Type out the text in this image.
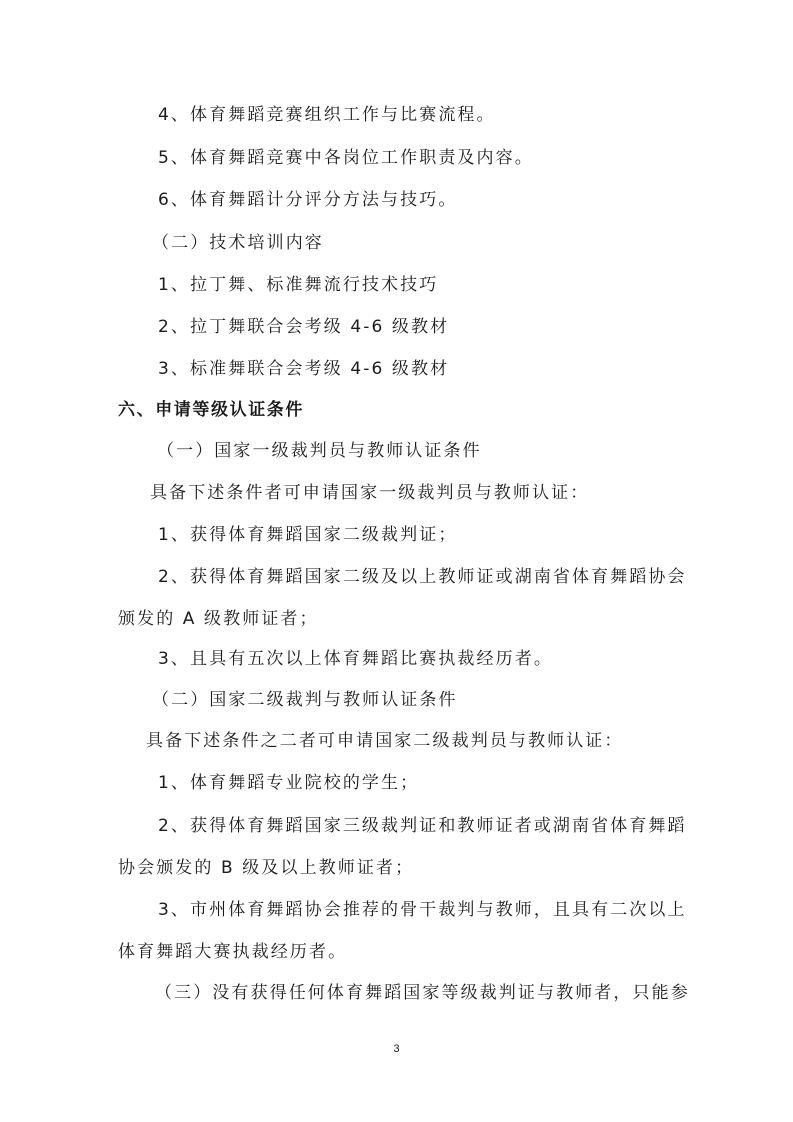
4、体育舞蹈竞赛组织工作与比赛流程。
5、体育舞蹈竞赛中各岗位工作职责及内容。
6、体育舞蹈计分评分方法与技巧。
（二）技术培训内容
1、拉丁舞、标准舞流行技术技巧
2、拉丁舞联合会考级 4-6 级教材
3、标准舞联合会考级 4-6 级教材
六、申请等级认证条件
（一）国家一级裁判员与教师认证条件
具备下述条件者可申请国家一级裁判员与教师认证：
1、获得体育舞蹈国家二级裁判证；
2、获得体育舞蹈国家二级及以上教师证或湖南省体育舞蹈协会
颁发的 A 级教师证者；
3、且具有五次以上体育舞蹈比赛执裁经历者。
（二）国家二级裁判与教师认证条件
具备下述条件之二者可申请国家二级裁判员与教师认证：
1、体育舞蹈专业院校的学生；
2、获得体育舞蹈国家三级裁判证和教师证者或湖南省体育舞蹈
协会颁发的 B 级及以上教师证者；
3、市州体育舞蹈协会推荐的骨干裁判与教师，且具有二次以上
体育舞蹈大赛执裁经历者。
（三）没有获得任何体育舞蹈国家等级裁判证与教师者，只能参
3
